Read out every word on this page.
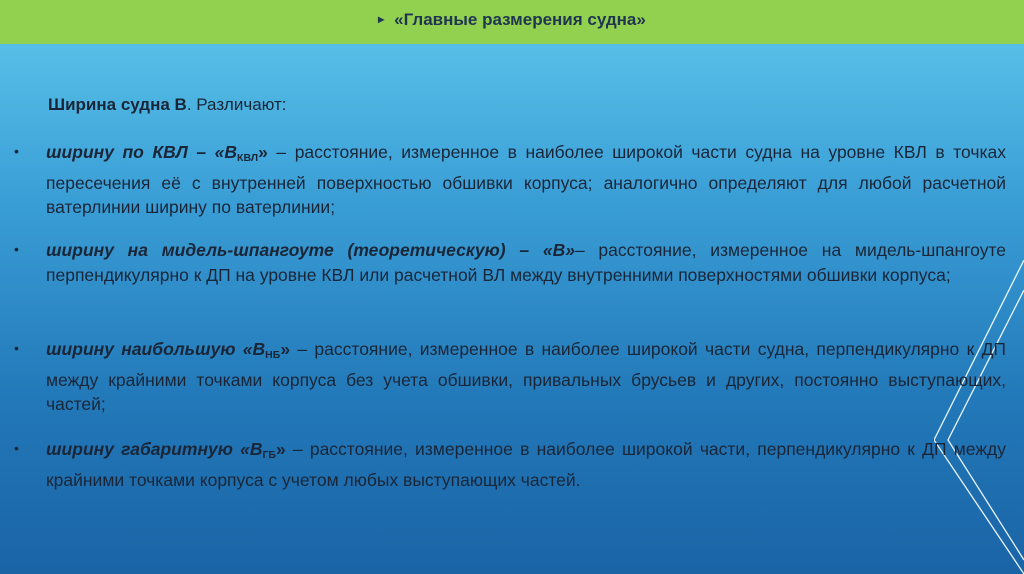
▸ «Главные размерения судна»
Ширина судна В. Различают:
• ширину по КВЛ – «$В_{КВЛ}$» – расстояние, измеренное в наиболее широкой части судна на уровне КВЛ в точках пересечения её с внутренней поверхностью обшивки корпуса; аналогично определяют для любой расчетной ватерлинии ширину по ватерлинии;
• ширину на мидель-шпангоуте (теоретическую) – «В»– расстояние, измеренное на мидель-шпангоуте перпендикулярно к ДП на уровне КВЛ или расчетной ВЛ между внутренними поверхностями обшивки корпуса;
• ширину наибольшую «$В_{НБ}$» – расстояние, измеренное в наиболее широкой части судна, перпендикулярно к ДП между крайними точками корпуса без учета обшивки, привальных брусьев и других, постоянно выступающих, частей;
• ширину габаритную «$В_{ГБ}$» – расстояние, измеренное в наиболее широкой части, перпендикулярно к ДП между крайними точками корпуса с учетом любых выступающих частей.
